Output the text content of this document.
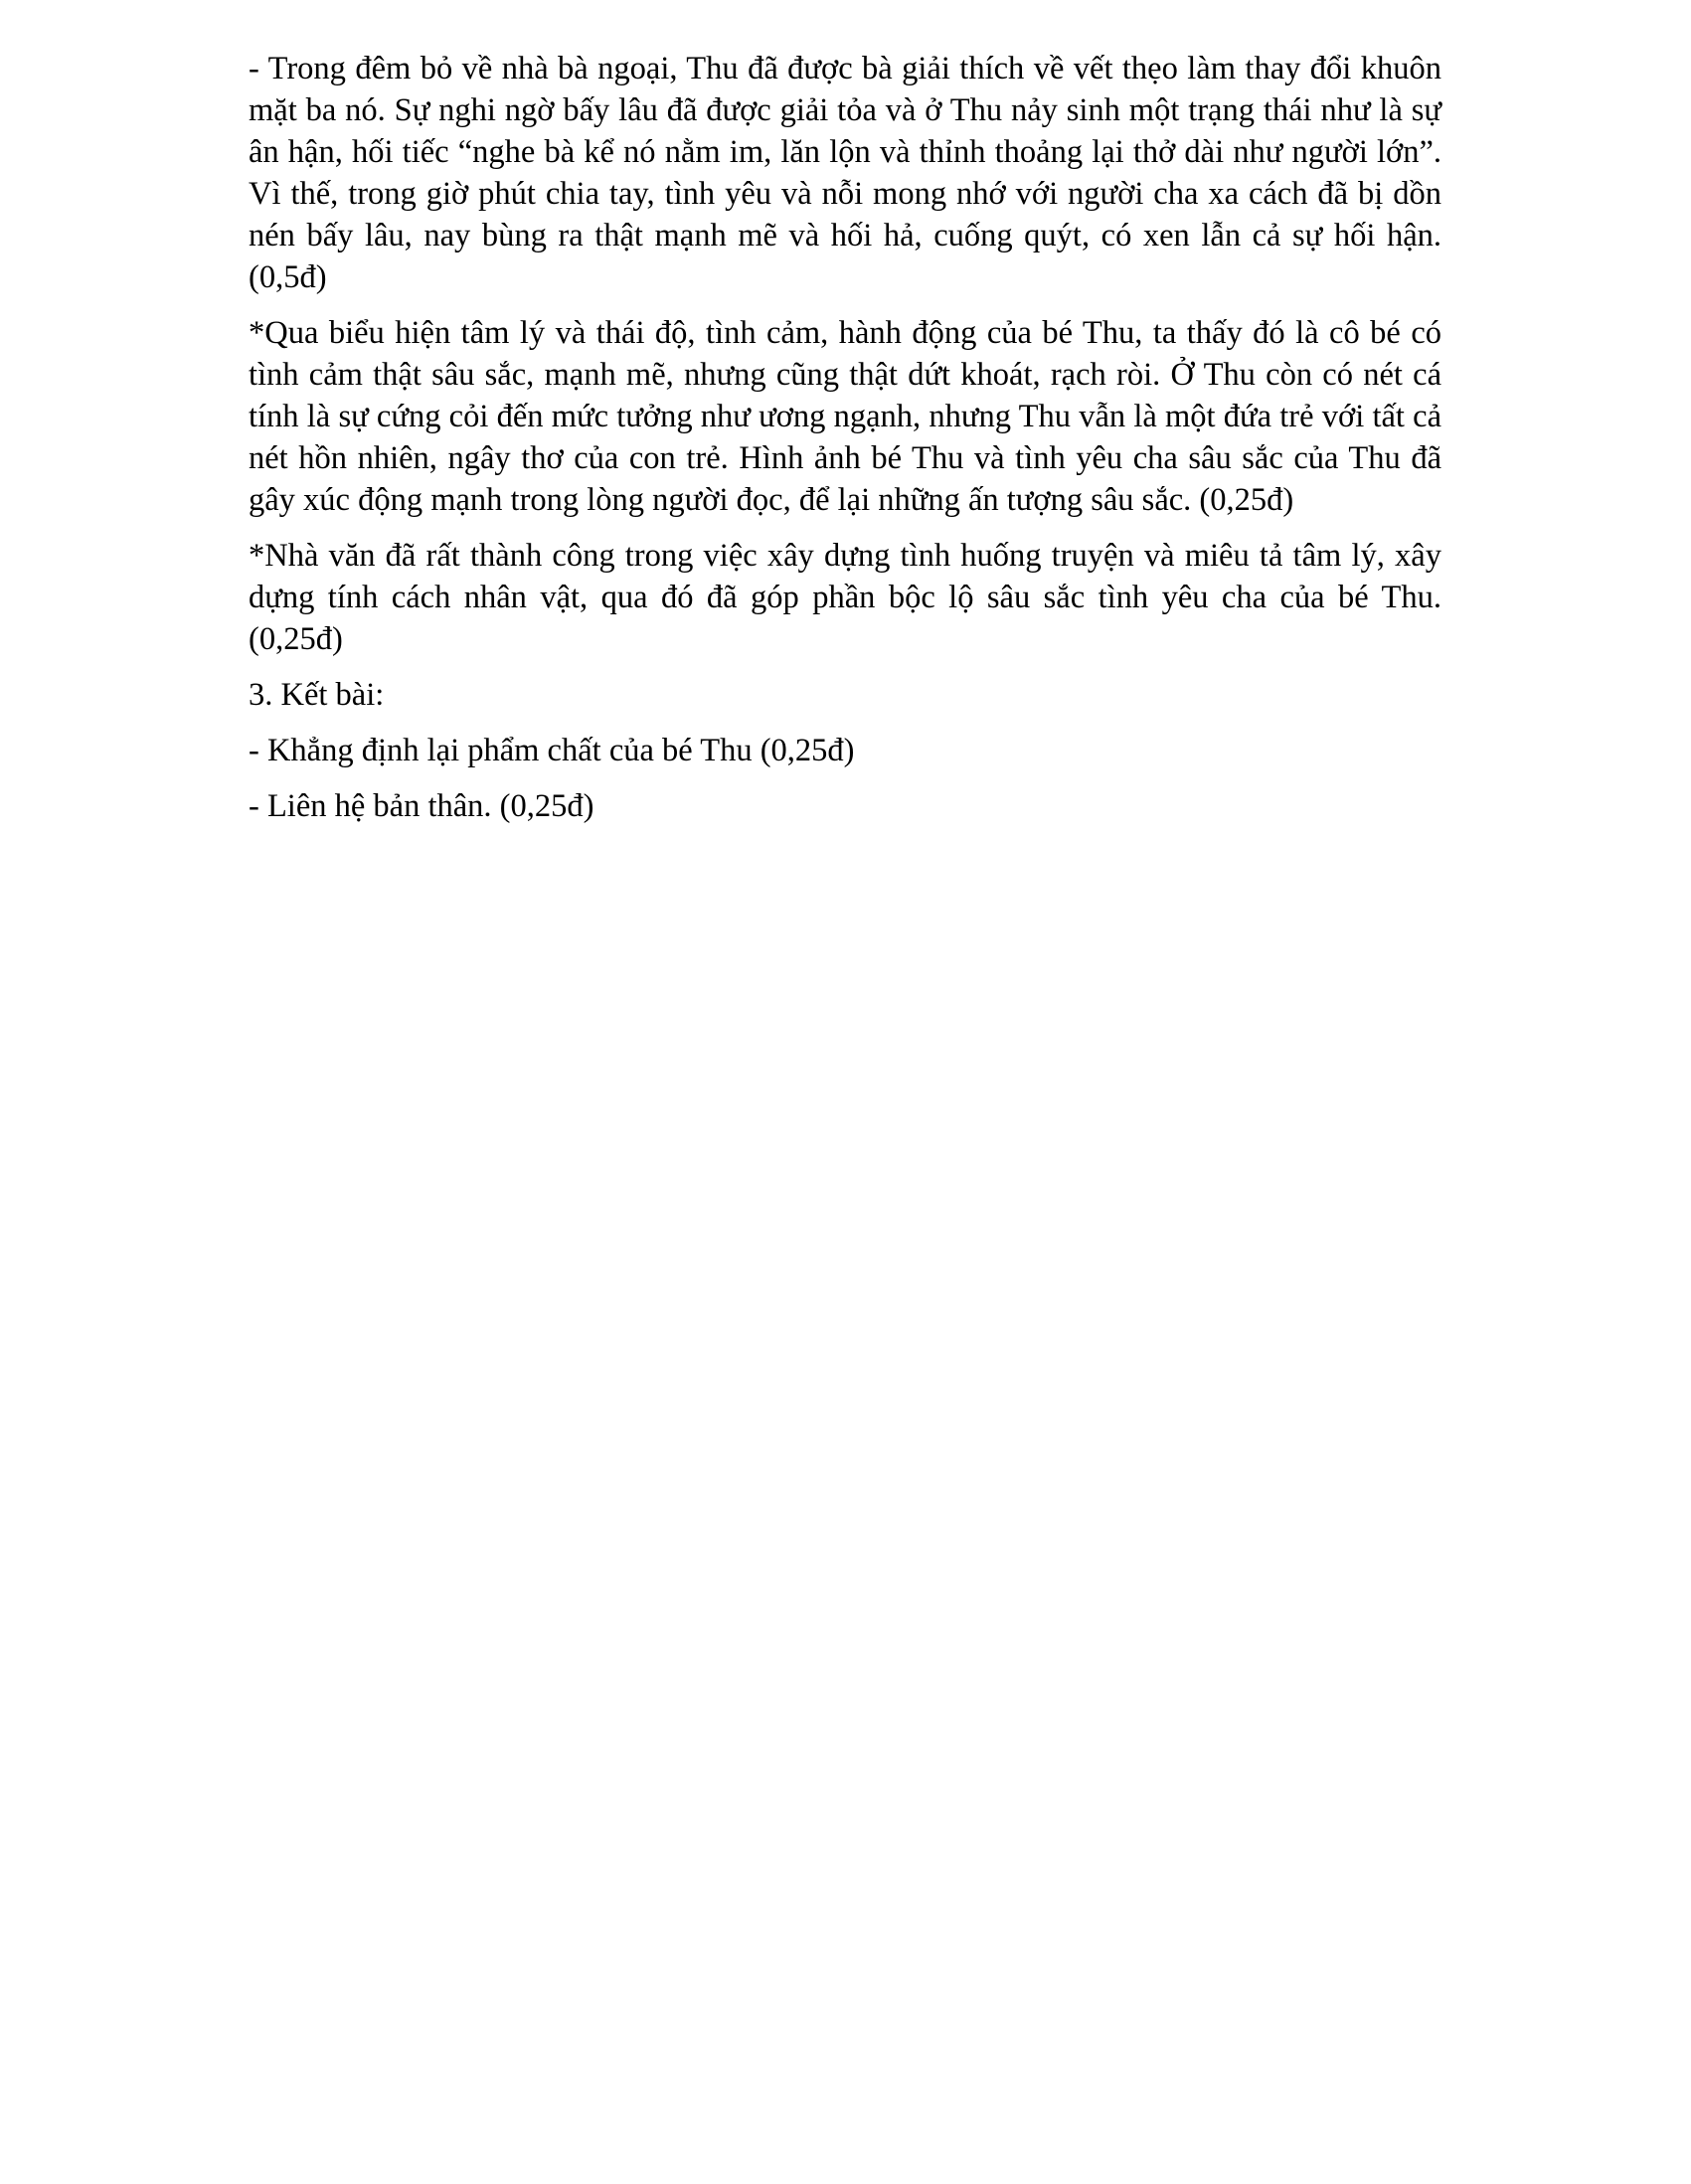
- Trong đêm bỏ về nhà bà ngoại, Thu đã được bà giải thích về vết thẹo làm thay đổi khuôn mặt ba nó. Sự nghi ngờ bấy lâu đã được giải tỏa và ở Thu nảy sinh một trạng thái như là sự ân hận, hối tiếc “nghe bà kể nó nằm im, lăn lộn và thỉnh thoảng lại thở dài như người lớn”. Vì thế, trong giờ phút chia tay, tình yêu và nỗi mong nhớ với người cha xa cách đã bị dồn nén bấy lâu, nay bùng ra thật mạnh mẽ và hối hả, cuống quýt, có xen lẫn cả sự hối hận. (0,5đ)

*Qua biểu hiện tâm lý và thái độ, tình cảm, hành động của bé Thu, ta thấy đó là cô bé có tình cảm thật sâu sắc, mạnh mẽ, nhưng cũng thật dứt khoát, rạch ròi. Ở Thu còn có nét cá tính là sự cứng cỏi đến mức tưởng như ương ngạnh, nhưng Thu vẫn là một đứa trẻ với tất cả nét hồn nhiên, ngây thơ của con trẻ. Hình ảnh bé Thu và tình yêu cha sâu sắc của Thu đã gây xúc động mạnh trong lòng người đọc, để lại những ấn tượng sâu sắc. (0,25đ)

*Nhà văn đã rất thành công trong việc xây dựng tình huống truyện và miêu tả tâm lý, xây dựng tính cách nhân vật, qua đó đã góp phần bộc lộ sâu sắc tình yêu cha của bé Thu. (0,25đ)

3. Kết bài:

- Khẳng định lại phẩm chất của bé Thu (0,25đ)

- Liên hệ bản thân. (0,25đ)
